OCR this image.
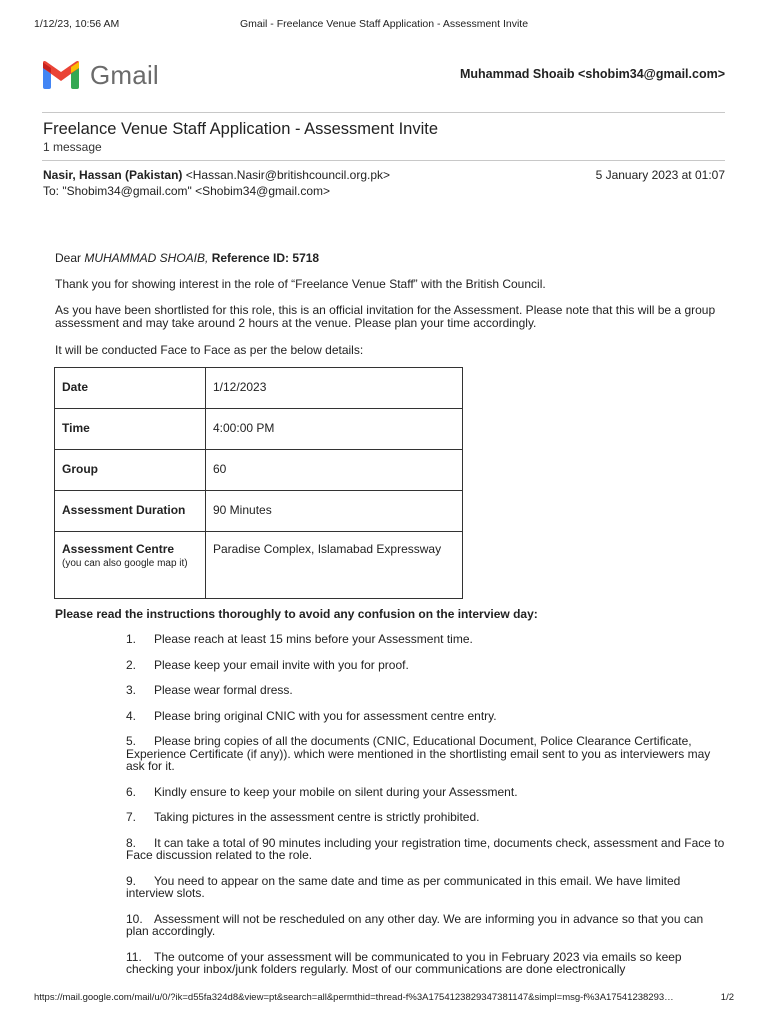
1/12/23, 10:56 AM	Gmail - Freelance Venue Staff Application - Assessment Invite
Gmail	Muhammad Shoaib <shobim34@gmail.com>
Freelance Venue Staff Application - Assessment Invite
1 message
Nasir, Hassan (Pakistan) <Hassan.Nasir@britishcouncil.org.pk>	5 January 2023 at 01:07
To: "Shobim34@gmail.com" <Shobim34@gmail.com>
Dear MUHAMMAD SHOAIB, Reference ID: 5718
Thank you for showing interest in the role of “Freelance Venue Staff” with the British Council.
As you have been shortlisted for this role, this is an official invitation for the Assessment. Please note that this will be a group assessment and may take around 2 hours at the venue. Please plan your time accordingly.
It will be conducted Face to Face as per the below details:
Date	1/12/2023
Time	4:00:00 PM
Group	60
Assessment Duration	90 Minutes
Assessment Centre
(you can also google map it)	Paradise Complex, Islamabad Expressway
Please read the instructions thoroughly to avoid any confusion on the interview day:
1. Please reach at least 15 mins before your Assessment time.
2. Please keep your email invite with you for proof.
3. Please wear formal dress.
4. Please bring original CNIC with you for assessment centre entry.
5. Please bring copies of all the documents (CNIC, Educational Document, Police Clearance Certificate, Experience Certificate (if any)). which were mentioned in the shortlisting email sent to you as interviewers may ask for it.
6. Kindly ensure to keep your mobile on silent during your Assessment.
7. Taking pictures in the assessment centre is strictly prohibited.
8. It can take a total of 90 minutes including your registration time, documents check, assessment and Face to Face discussion related to the role.
9. You need to appear on the same date and time as per communicated in this email. We have limited interview slots.
10. Assessment will not be rescheduled on any other day. We are informing you in advance so that you can plan accordingly.
11. The outcome of your assessment will be communicated to you in February 2023 via emails so keep checking your inbox/junk folders regularly. Most of our communications are done electronically
https://mail.google.com/mail/u/0/?ik=d55fa324d8&view=pt&search=all&permthid=thread-f%3A1754123829347381147&simpl=msg-f%3A17541238293…	1/2
